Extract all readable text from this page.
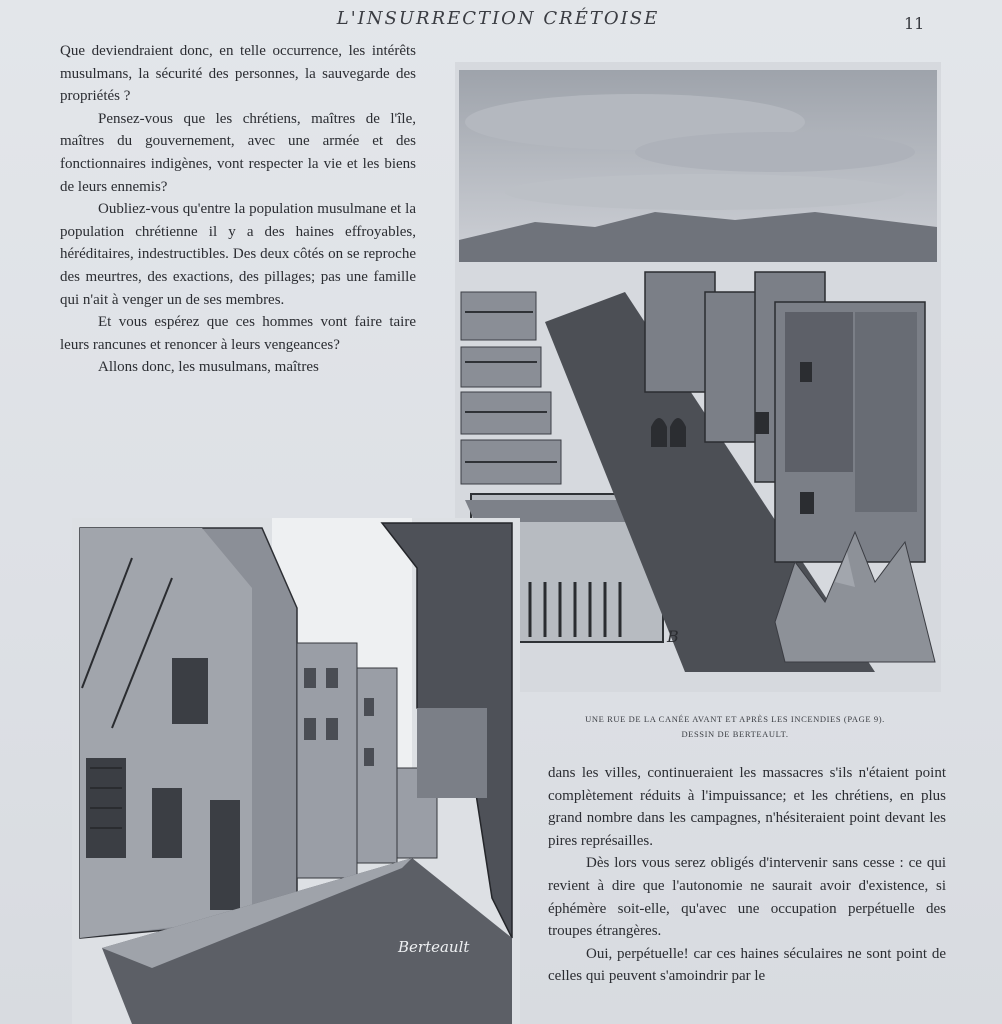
L'INSURRECTION CRÉTOISE	11
B

Que deviendraient donc, en telle occurrence, les intérêts musulmans, la sécurité des personnes, la sauvegarde des propriétés ?

Pensez-vous que les chrétiens, maîtres de l'île, maîtres du gouvernement, avec une armée et des fonctionnaires indigènes, vont respecter la vie et les biens de leurs ennemis?

Oubliez-vous qu'entre la population musulmane et la population chrétienne il y a des haines effroyables, héréditaires, indestructibles. Des deux côtés on se reproche des meurtres, des exactions, des pillages; pas une famille qui n'ait à venger un de ses membres.

Et vous espérez que ces hommes vont faire taire leurs rancunes et renoncer à leurs vengeances?

Allons donc, les musulmans, maîtres

Berteault
UNE RUE DE LA CANÉE AVANT ET APRÈS LES INCENDIES (PAGE 9).
DESSIN DE BERTEAULT.

dans les villes, continueraient les massacres s'ils n'étaient point complètement réduits à l'impuissance; et les chrétiens, en plus grand nombre dans les campagnes, n'hésiteraient point devant les pires représailles.

Dès lors vous serez obligés d'intervenir sans cesse : ce qui revient à dire que l'autonomie ne saurait avoir d'existence, si éphémère soit-elle, qu'avec une occupation perpétuelle des troupes étrangères.

Oui, perpétuelle! car ces haines séculaires ne sont point de celles qui peuvent s'amoindrir par le
